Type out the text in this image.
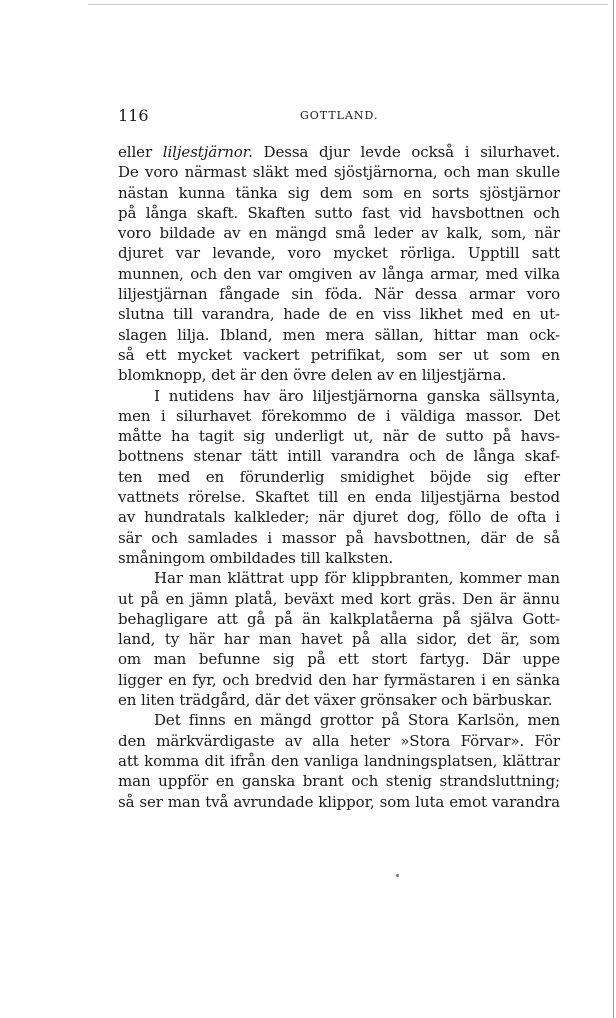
116	GOTTLAND.
eller liljestjärnor. Dessa djur levde också i silurhavet.
De voro närmast släkt med sjöstjärnorna, och man skulle
nästan kunna tänka sig dem som en sorts sjöstjärnor
på långa skaft. Skaften sutto fast vid havsbottnen och
voro bildade av en mängd små leder av kalk, som, när
djuret var levande, voro mycket rörliga. Upptill satt
munnen, och den var omgiven av långa armar, med vilka
liljestjärnan fångade sin föda. När dessa armar voro
slutna till varandra, hade de en viss likhet med en ut-
slagen lilja. Ibland, men mera sällan, hittar man ock-
så ett mycket vackert petrifikat, som ser ut som en
blomknopp, det är den övre delen av en liljestjärna.
I nutidens hav äro liljestjärnorna ganska sällsynta,
men i silurhavet förekommo de i väldiga massor. Det
måtte ha tagit sig underligt ut, när de sutto på havs-
bottnens stenar tätt intill varandra och de långa skaf-
ten med en förunderlig smidighet böjde sig efter
vattnets rörelse. Skaftet till en enda liljestjärna bestod
av hundratals kalkleder; när djuret dog, föllo de ofta i
sär och samlades i massor på havsbottnen, där de så
småningom ombildades till kalksten.
Har man klättrat upp för klippbranten, kommer man
ut på en jämn platå, beväxt med kort gräs. Den är ännu
behagligare att gå på än kalkplatåerna på själva Gott-
land, ty här har man havet på alla sidor, det är, som
om man befunne sig på ett stort fartyg. Där uppe
ligger en fyr, och bredvid den har fyrmästaren i en sänka
en liten trädgård, där det växer grönsaker och bärbuskar.
Det finns en mängd grottor på Stora Karlsön, men
den märkvärdigaste av alla heter »Stora Förvar». För
att komma dit ifrån den vanliga landningsplatsen, klättrar
man uppför en ganska brant och stenig strandsluttning;
så ser man två avrundade klippor, som luta emot varandra
